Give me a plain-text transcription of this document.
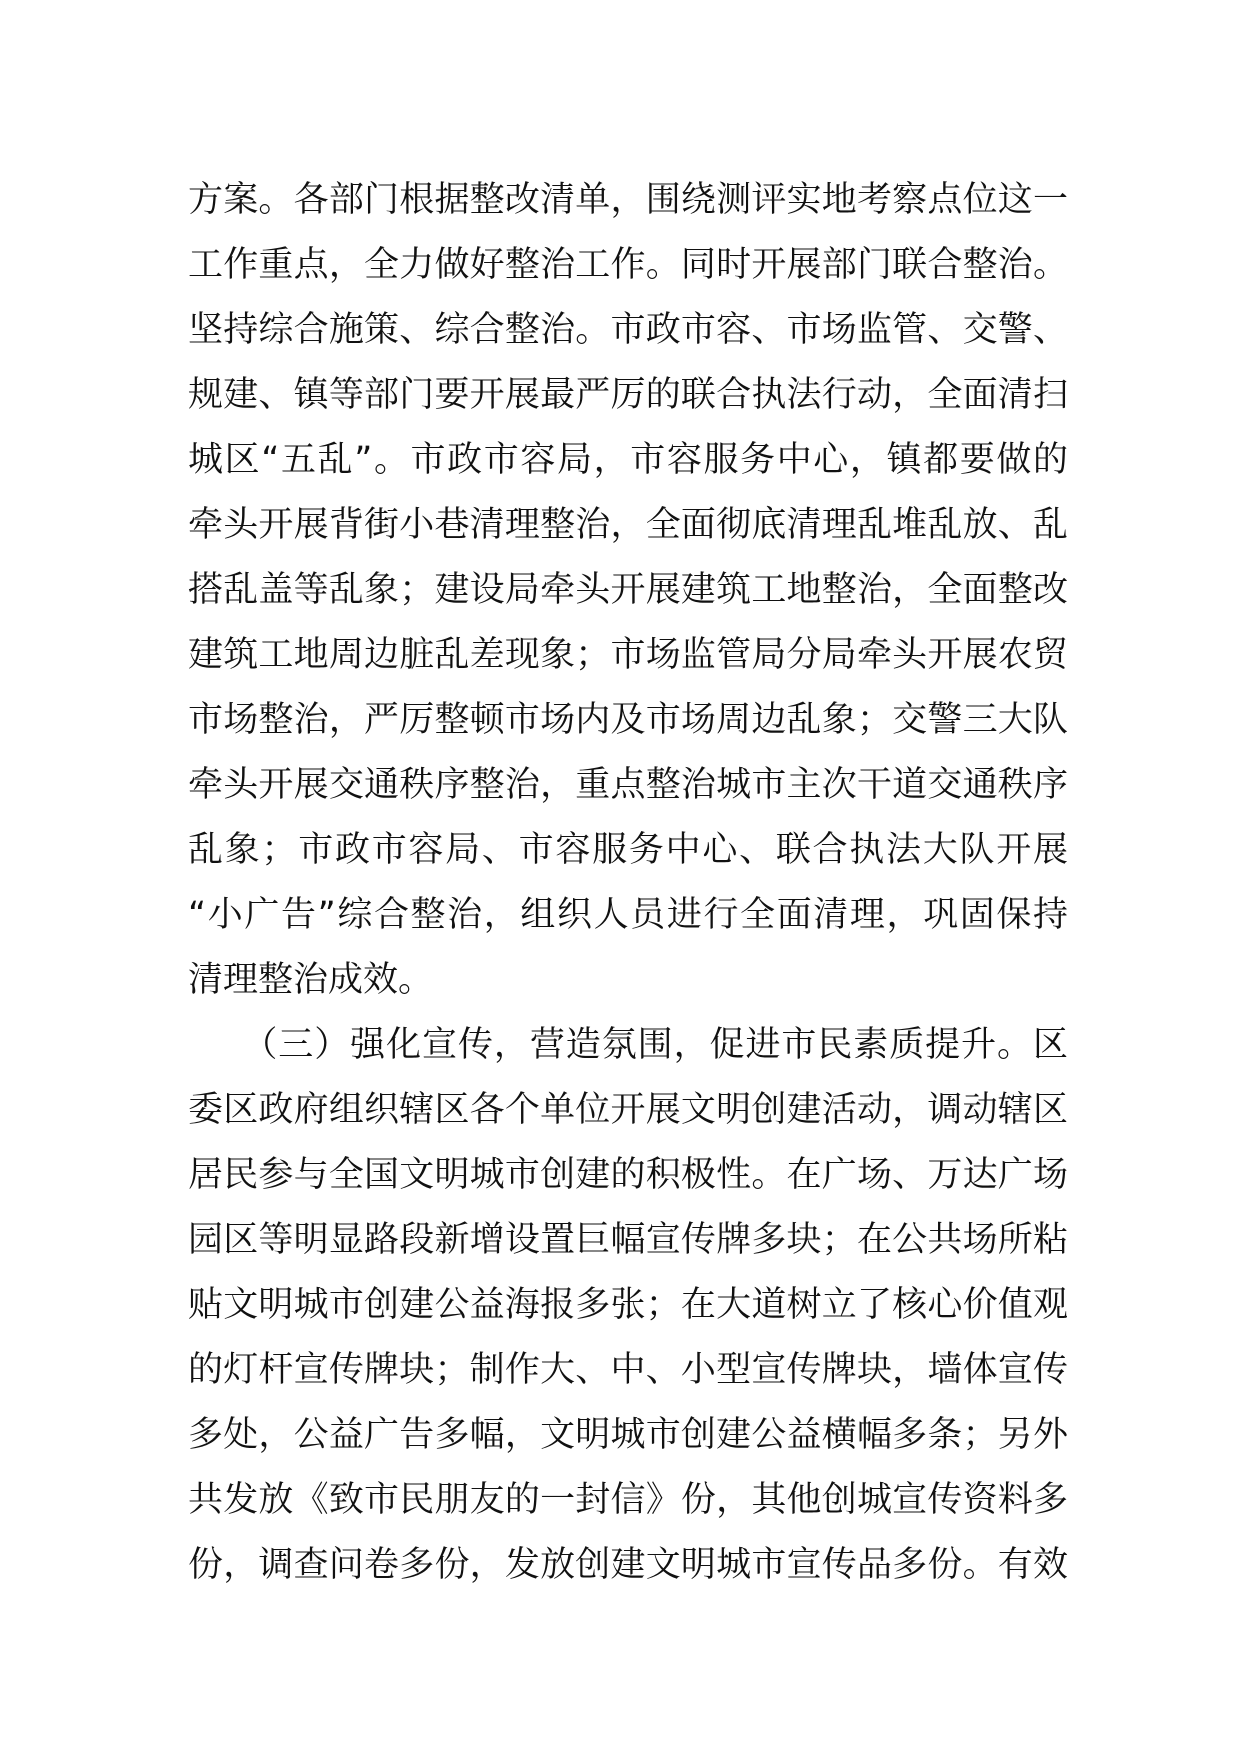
方案。各部门根据整改清单，围绕测评实地考察点位这一
工作重点，全力做好整治工作。同时开展部门联合整治。
坚持综合施策、综合整治。市政市容、市场监管、交警、
规建、镇等部门要开展最严厉的联合执法行动，全面清扫
城区“五乱”。市政市容局，市容服务中心，镇都要做的
牵头开展背街小巷清理整治，全面彻底清理乱堆乱放、乱
搭乱盖等乱象；建设局牵头开展建筑工地整治，全面整改
建筑工地周边脏乱差现象；市场监管局分局牵头开展农贸
市场整治，严厉整顿市场内及市场周边乱象；交警三大队
牵头开展交通秩序整治，重点整治城市主次干道交通秩序
乱象；市政市容局、市容服务中心、联合执法大队开展
“小广告”综合整治，组织人员进行全面清理，巩固保持
清理整治成效。
　　（三）强化宣传，营造氛围，促进市民素质提升。区
委区政府组织辖区各个单位开展文明创建活动，调动辖区
居民参与全国文明城市创建的积极性。在广场、万达广场
园区等明显路段新增设置巨幅宣传牌多块；在公共场所粘
贴文明城市创建公益海报多张；在大道树立了核心价值观
的灯杆宣传牌块；制作大、中、小型宣传牌块，墙体宣传
多处，公益广告多幅，文明城市创建公益横幅多条；另外
共发放《致市民朋友的一封信》份，其他创城宣传资料多
份，调查问卷多份，发放创建文明城市宣传品多份。有效
